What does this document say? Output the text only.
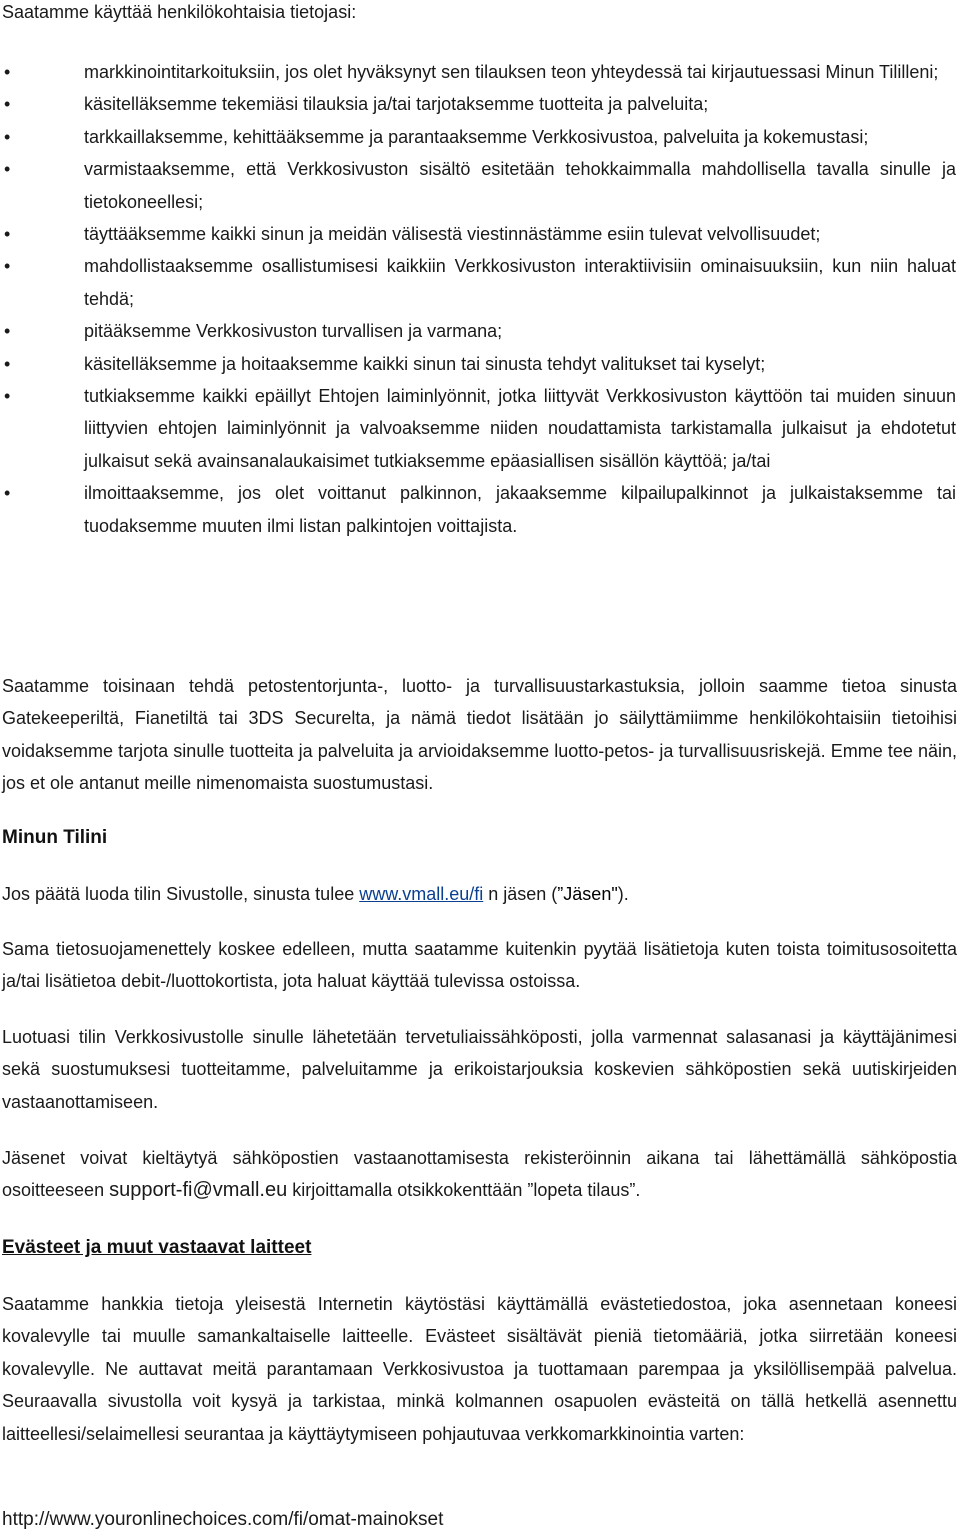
Saatamme käyttää henkilökohtaisia tietojasi:

•	markkinointitarkoituksiin, jos olet hyväksynyt sen tilauksen teon yhteydessä tai kirjautuessasi Minun Tililleni;
•	käsitelläksemme tekemiäsi tilauksia ja/tai tarjotaksemme tuotteita ja palveluita;
•	tarkkaillaksemme, kehittääksemme ja parantaaksemme Verkkosivustoa, palveluita ja kokemustasi;
•	varmistaaksemme, että Verkkosivuston sisältö esitetään tehokkaimmalla mahdollisella tavalla sinulle ja tietokoneellesi;
•	täyttääksemme kaikki sinun ja meidän välisestä viestinnästämme esiin tulevat velvollisuudet;
•	mahdollistaaksemme osallistumisesi kaikkiin Verkkosivuston interaktiivisiin ominaisuuksiin, kun niin haluat tehdä;
•	pitääksemme Verkkosivuston turvallisen ja varmana;
•	käsitelläksemme ja hoitaaksemme kaikki sinun tai sinusta tehdyt valitukset tai kyselyt;
•	tutkiaksemme kaikki epäillyt Ehtojen laiminlyönnit, jotka liittyvät Verkkosivuston käyttöön tai muiden sinuun liittyvien ehtojen laiminlyönnit ja valvoaksemme niiden noudattamista tarkistamalla julkaisut ja ehdotetut julkaisut sekä avainsanalaukaisimet tutkiaksemme epäasiallisen sisällön käyttöä; ja/tai
•	ilmoittaaksemme, jos olet voittanut palkinnon, jakaaksemme kilpailupalkinnot ja julkaistaksemme tai tuodaksemme muuten ilmi listan palkintojen voittajista.

Saatamme toisinaan tehdä petostentorjunta-, luotto- ja turvallisuustarkastuksia, jolloin saamme tietoa sinusta Gatekeeperiltä, Fianetiltä tai 3DS Securelta, ja nämä tiedot lisätään jo säilyttämiimme henkilökohtaisiin tietoihisi voidaksemme tarjota sinulle tuotteita ja palveluita ja arvioidaksemme luotto-petos- ja turvallisuusriskejä. Emme tee näin, jos et ole antanut meille nimenomaista suostumustasi.

Minun Tilini

Jos päätä luoda tilin Sivustolle, sinusta tulee www.vmall.eu/fi n jäsen (”Jäsen").

Sama tietosuojamenettely koskee edelleen, mutta saatamme kuitenkin pyytää lisätietoja kuten toista toimitusosoitetta ja/tai lisätietoa debit-/luottokortista, jota haluat käyttää tulevissa ostoissa.

Luotuasi tilin Verkkosivustolle sinulle lähetetään tervetuliaissähköposti, jolla varmennat salasanasi ja käyttäjänimesi sekä suostumuksesi tuotteitamme, palveluitamme ja erikoistarjouksia koskevien sähköpostien sekä uutiskirjeiden vastaanottamiseen.

Jäsenet voivat kieltäytyä sähköpostien vastaanottamisesta rekisteröinnin aikana tai lähettämällä sähköpostia osoitteeseen support-fi@vmall.eu kirjoittamalla otsikkokenttään ”lopeta tilaus”.

Evästeet ja muut vastaavat laitteet

Saatamme hankkia tietoja yleisestä Internetin käytöstäsi käyttämällä evästetiedostoa, joka asennetaan koneesi kovalevylle tai muulle samankaltaiselle laitteelle. Evästeet sisältävät pieniä tietomääriä, jotka siirretään koneesi kovalevylle. Ne auttavat meitä parantamaan Verkkosivustoa ja tuottamaan parempaa ja yksilöllisempää palvelua. Seuraavalla sivustolla voit kysyä ja tarkistaa, minkä kolmannen osapuolen evästeitä on tällä hetkellä asennettu laitteellesi/selaimellesi seurantaa ja käyttäytymiseen pohjautuvaa verkkomarkkinointia varten:

http://www.youronlinechoices.com/fi/omat-mainokset
